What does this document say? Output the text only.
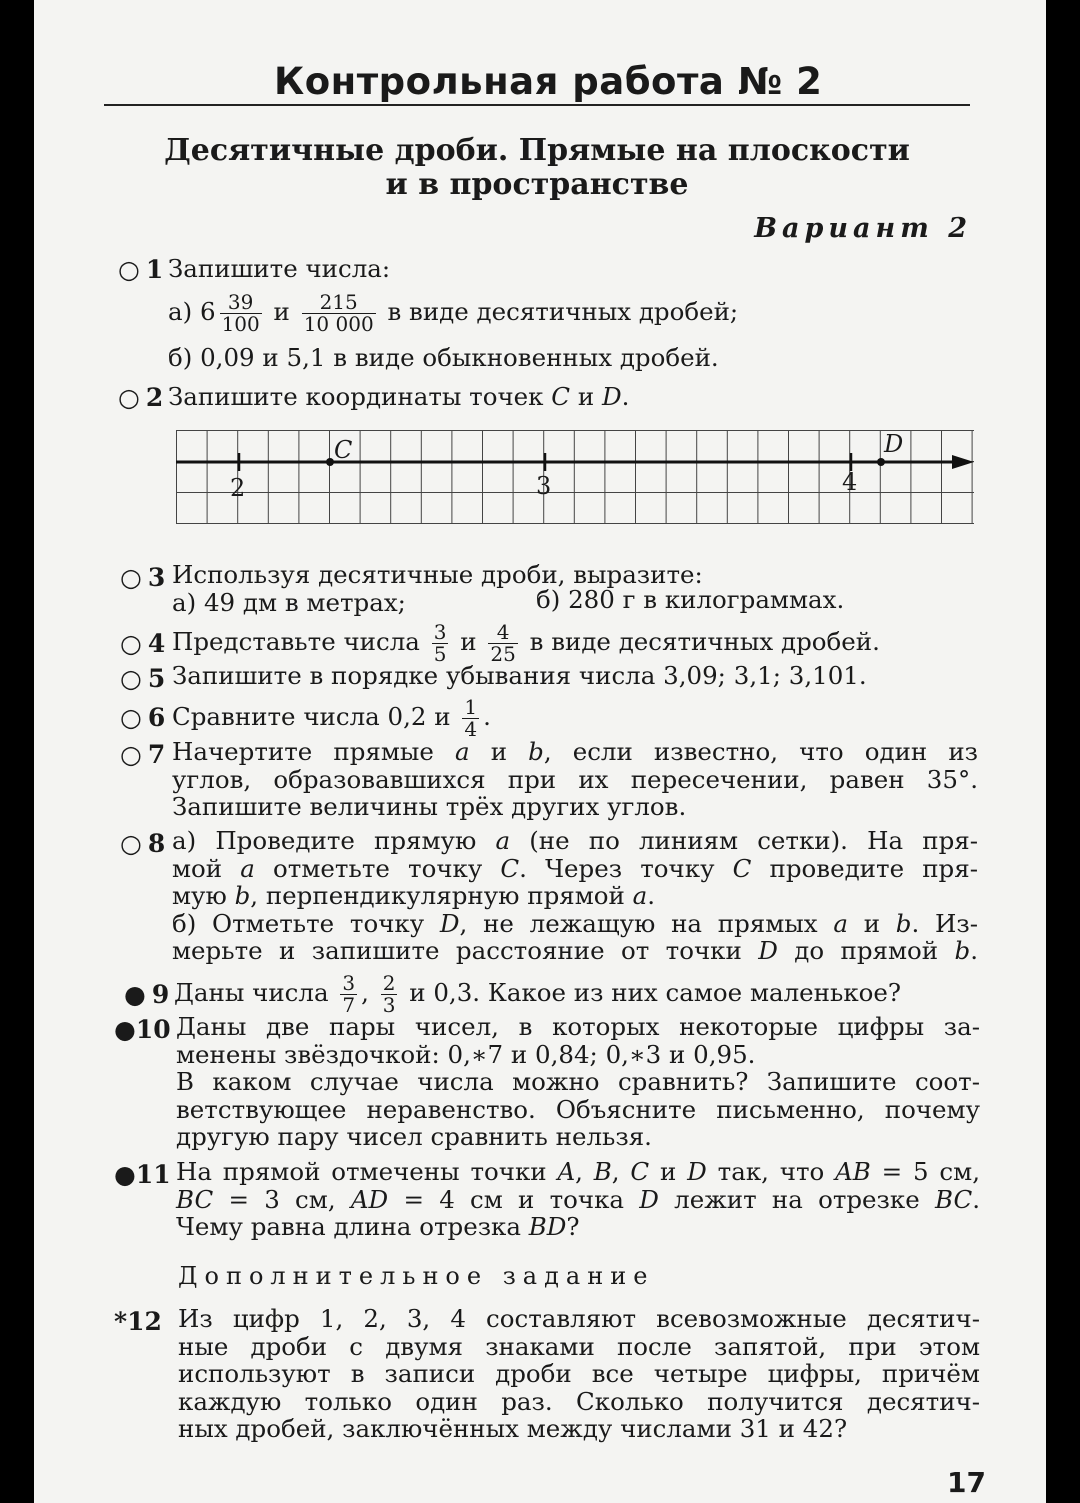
Контрольная работа № 2
Десятичные дроби. Прямые на плоскости
и в пространстве
Вариант 2
○ 1 Запишите числа:
а) $6 \frac{39}{100}$ и $\frac{215}{10 000}$ в виде десятичных дробей;
б) 0,09 и 5,1 в виде обыкновенных дробей.
○ 2 Запишите координаты точек C и D.
2	3	4
C	D
○ 3 Используя десятичные дроби, выразите:
а) 49 дм в метрах;	б) 280 г в килограммах.
○ 4 Представьте числа $\frac{3}{5}$ и $\frac{4}{25}$ в виде десятичных дробей.
○ 5 Запишите в порядке убывания числа 3,09; 3,1; 3,101.
○ 6 Сравните числа 0,2 и $\frac{1}{4}$ .
○ 7 Начертите прямые a и b, если известно, что один из
углов, образовавшихся при их пересечении, равен 35°.
Запишите величины трёх других углов.
○ 8 а) Проведите прямую a (не по линиям сетки). На пря-
мой a отметьте точку C. Через точку C проведите пря-
мую b, перпендикулярную прямой a.
б) Отметьте точку D, не лежащую на прямых a и b. Из-
мерьте и запишите расстояние от точки D до прямой b.
● 9 Даны числа $\frac{3}{7}$ , $\frac{2}{3}$ и 0,3. Какое из них самое маленькое?
●10 Даны две пары чисел, в которых некоторые цифры за-
менены звёздочкой: 0,∗7 и 0,84; 0,∗3 и 0,95.
В каком случае числа можно сравнить? Запишите соот-
ветствующее неравенство. Объясните письменно, почему
другую пару чисел сравнить нельзя.
●11 На прямой отмечены точки A, B, C и D так, что AB = 5 см,
BC = 3 см, AD = 4 см и точка D лежит на отрезке BC.
Чему равна длина отрезка BD?
Дополнительное задание
*12 Из цифр 1, 2, 3, 4 составляют всевозможные десятич-
ные дроби с двумя знаками после запятой, при этом
используют в записи дроби все четыре цифры, причём
каждую только один раз. Сколько получится десятич-
ных дробей, заключённых между числами 31 и 42?
17
